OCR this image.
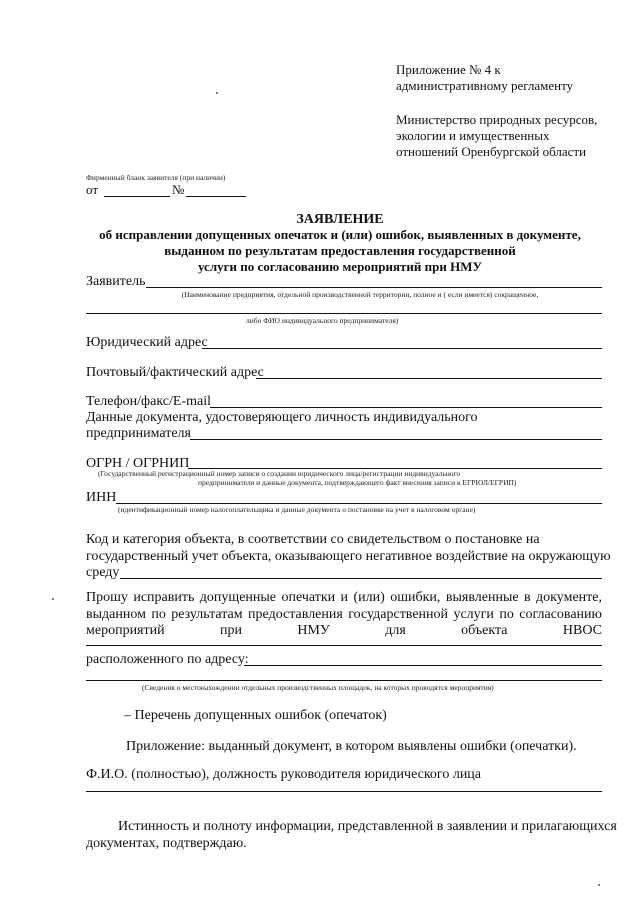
Приложение № 4 к
административному регламенту
Министерство природных ресурсов,
экологии и имущественных
отношений Оренбургской области
Фирменный бланк заявителя (при наличии)
от	№
ЗАЯВЛЕНИЕ
об исправлении допущенных опечаток и (или) ошибок, выявленных в документе,
выданном по результатам предоставления государственной
услуги по согласованию мероприятий при НМУ
Заявитель
(Наименование предприятия, отдельной производственной территории, полное и ( если имеется) сокращенное,
либо ФИО индивидуального предпринимателя)
Юридический адрес
Почтовый/фактический адрес
Телефон/факс/E-mail
Данные документа, удостоверяющего личность индивидуального
предпринимателя
ОГРН / ОГРНИП
(Государственный регистрационный номер записи о создании юридического лица/регистрации индивидуального
предпринимателя и данные документа, подтверждающего факт внесения записи в ЕГРЮЛ/ЕГРИП)
ИНН
(идентификационный номер налогоплательщика и данные документа о постановке на учет в налоговом органе)
Код и категория объекта, в соответствии со свидетельством о постановке на
государственный учет объекта, оказывающего негативное воздействие на окружающую
среду
Прошу исправить допущенные опечатки и (или) ошибки, выявленные в документе,
выданном по результатам предоставления государственной услуги по согласованию
мероприятий	при	НМУ	для	объекта	НВОС
расположенного по адресу:
(Сведения о местонахождении отдельных производственных площадок, на которых проводятся мероприятия)
– Перечень допущенных ошибок (опечаток)
Приложение: выданный документ, в котором выявлены ошибки (опечатки).
Ф.И.О. (полностью), должность руководителя юридического лица
Истинность и полноту информации, представленной в заявлении и прилагающихся
документах, подтверждаю.
